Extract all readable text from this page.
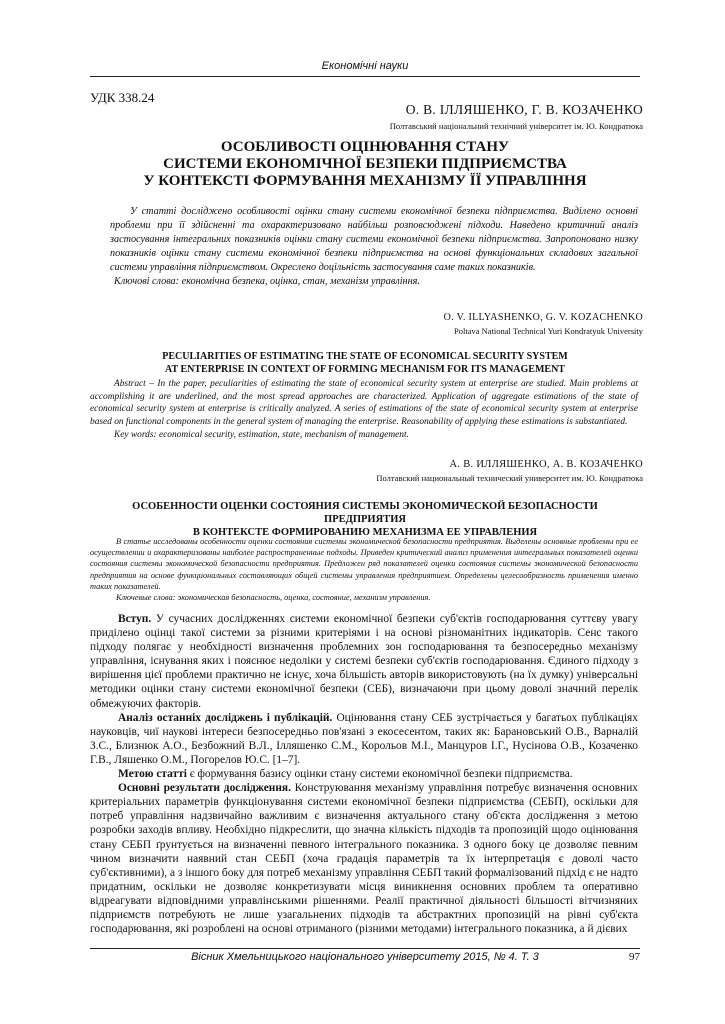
Економічні науки
УДК 338.24
О. В. ІЛЛЯШЕНКО, Г. В. КОЗАЧЕНКО
Полтавський національний технічний університет ім. Ю. Кондратюка
ОСОБЛИВОСТІ ОЦІНЮВАННЯ СТАНУ
СИСТЕМИ ЕКОНОМІЧНОЇ БЕЗПЕКИ ПІДПРИЄМСТВА
У КОНТЕКСТІ ФОРМУВАННЯ МЕХАНІЗМУ ЇЇ УПРАВЛІННЯ
У статті досліджено особливості оцінки стану системи економічної безпеки підприємства. Виділено основні проблеми при її здійсненні та охарактеризовано найбільш розповсюджені підходи. Наведено критичний аналіз застосування інтегральних показників оцінки стану системи економічної безпеки підприємства. Запропоновано низку показників оцінки стану системи економічної безпеки підприємства на основі функціональних складових загальної системи управління підприємством. Окреслено доцільність застосування саме таких показників.
Ключові слова: економічна безпека, оцінка, стан, механізм управління.
O. V. ILLYASHENKO, G. V. KOZACHENKO
Poltava National Technical Yuri Kondratyuk University
PECULIARITIES OF ESTIMATING THE STATE OF ECONOMICAL SECURITY SYSTEM
AT ENTERPRISE IN CONTEXT OF FORMING MECHANISM FOR ITS MANAGEMENT
Abstract – In the paper, peculiarities of estimating the state of economical security system at enterprise are studied. Main problems at accomplishing it are underlined, and the most spread approaches are characterized. Application of aggregate estimations of the state of economical security system at enterprise is critically analyzed. A series of estimations of the state of economical security system at enterprise based on functional components in the general system of managing the enterprise. Reasonability of applying these estimations is substantiated.
Key words: economical security, estimation, state, mechanism of management.
А. В. ИЛЛЯШЕНКО, А. В. КОЗАЧЕНКО
Полтавский национальный технический университет им. Ю. Кондратюка
ОСОБЕННОСТИ ОЦЕНКИ СОСТОЯНИЯ СИСТЕМЫ ЭКОНОМИЧЕСКОЙ БЕЗОПАСНОСТИ ПРЕДПРИЯТИЯ
В КОНТЕКСТЕ ФОРМИРОВАНИЮ МЕХАНИЗМА ЕЕ УПРАВЛЕНИЯ
В статье исследованы особенности оценки состояния системы экономической безопасности предприятия. Выделены основные проблемы при ее осуществлении и охарактеризованы наиболее распространенные подходы. Приведен критический анализ применения интегральных показателей оценки состояния системы экономической безопасности предприятия. Предложен ряд показателей оценки состояния системы экономической безопасности предприятия на основе функциональных составляющих общей системы управления предприятием. Определены целесообразность применения именно таких показателей.
Ключевые слова: экономическая безопасность, оценка, состояние, механизм управления.

Вступ. У сучасних дослідженнях системи економічної безпеки суб'єктів господарювання суттєву увагу приділено оцінці такої системи за різними критеріями і на основі різноманітних індикаторів. Сенс такого підходу полягає у необхідності визначення проблемних зон господарювання та безпосередньо механізму управління, існування яких і пояснює недоліки у системі безпеки суб'єктів господарювання. Єдиного підходу з вирішення цієї проблеми практично не існує, хоча більшість авторів використовують (на їх думку) універсальні методики оцінки стану системи економічної безпеки (СЕБ), визначаючи при цьому доволі значний перелік обмежуючих факторів.

Аналіз останніх досліджень і публікацій. Оцінювання стану СЕБ зустрічається у багатьох публікаціях науковців, чиї наукові інтереси безпосередньо пов'язані з екосесентом, таких як: Барановський О.В., Варналій З.С., Близнюк А.О., Безбожний В.Л., Ілляшенко С.М., Корольов М.І., Манцуров І.Г., Нусінова О.В., Козаченко Г.В., Ляшенко О.М., Погорелов Ю.С. [1–7].

Метою статті є формування базису оцінки стану системи економічної безпеки підприємства.

Основні результати дослідження. Конструювання механізму управління потребує визначення основних критеріальних параметрів функціонування системи економічної безпеки підприємства (СЕБП), оскільки для потреб управління надзвичайно важливим є визначення актуального стану об'єкта дослідження з метою розробки заходів впливу. Необхідно підкреслити, що значна кількість підходів та пропозицій щодо оцінювання стану СЕБП ґрунтується на визначенні певного інтегрального показника. З одного боку це дозволяє певним чином визначити наявний стан СЕБП (хоча градація параметрів та їх інтерпретація є доволі часто суб'єктивними), а з іншого боку для потреб механізму управління СЕБП такий формалізований підхід є не надто придатним, оскільки не дозволяє конкретизувати місця виникнення основних проблем та оперативно відреагувати відповідними управлінськими рішеннями. Реалії практичної діяльності більшості вітчизняних підприємств потребують не лише узагальнених підходів та абстрактних пропозицій на рівні суб'єкта господарювання, які розроблені на основі отриманого (різними методами) інтегрального показника, а й дієвих

Вісник Хмельницького національного університету 2015, № 4. Т. 3	97
